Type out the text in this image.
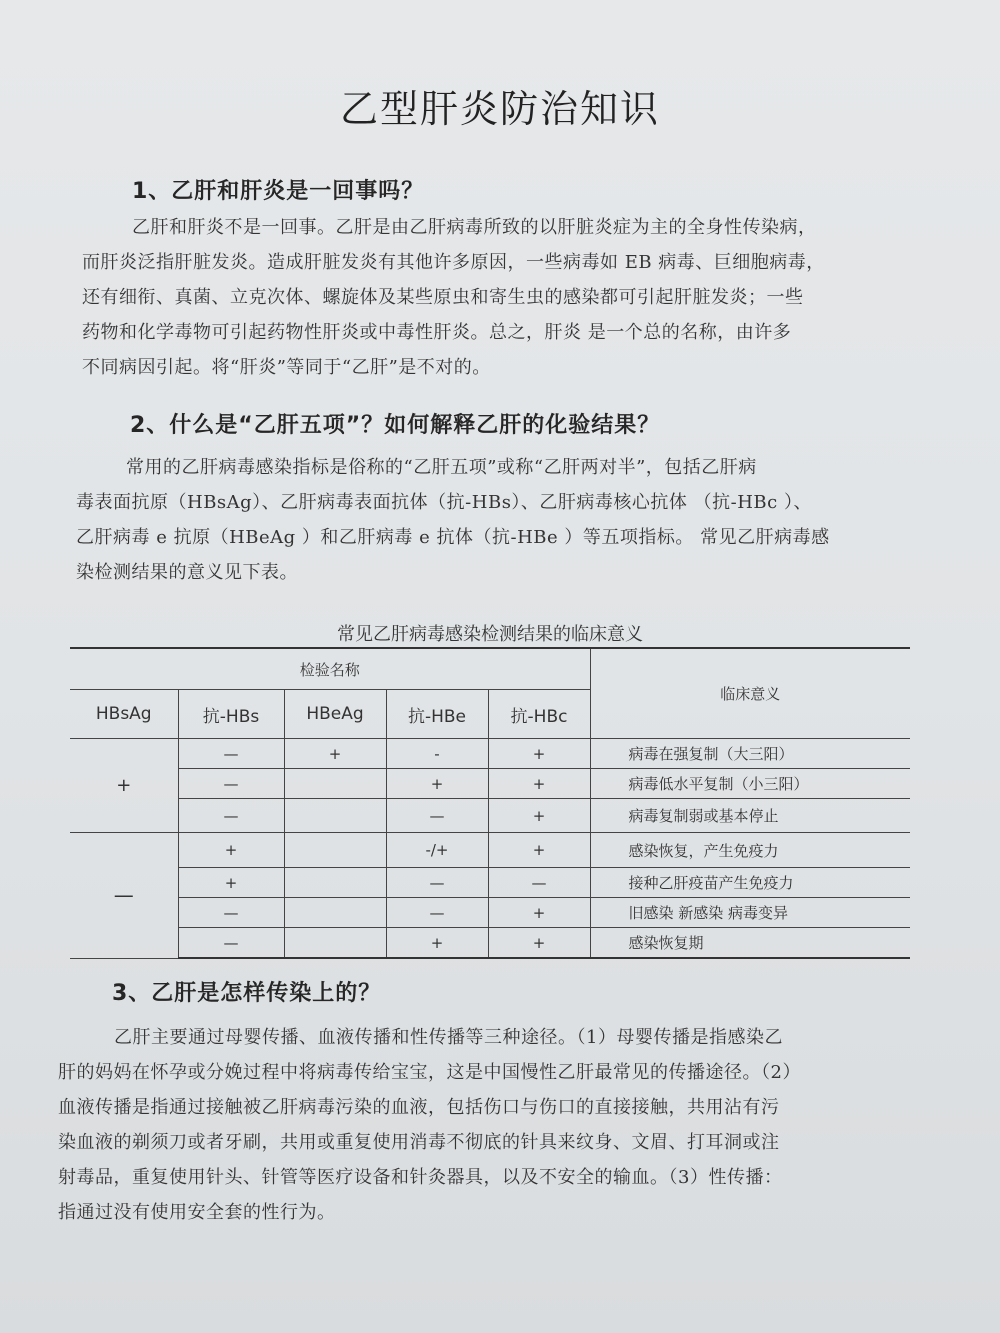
乙型肝炎防治知识
1、乙肝和肝炎是一回事吗？
乙肝和肝炎不是一回事。乙肝是由乙肝病毒所致的以肝脏炎症为主的全身性传染病，
而肝炎泛指肝脏发炎。造成肝脏发炎有其他许多原因，一些病毒如 EB 病毒、巨细胞病毒，
还有细衔、真菌、立克次体、螺旋体及某些原虫和寄生虫的感染都可引起肝脏发炎；一些
药物和化学毒物可引起药物性肝炎或中毒性肝炎。总之，肝炎 是一个总的名称，由许多
不同病因引起。将“肝炎”等同于“乙肝”是不对的。
2、什么是“乙肝五项”？如何解释乙肝的化验结果？
常用的乙肝病毒感染指标是俗称的“乙肝五项”或称“乙肝两对半”，包括乙肝病
毒表面抗原（HBsAg）、乙肝病毒表面抗体（抗-HBs）、乙肝病毒核心抗体 （抗-HBc ）、
乙肝病毒 e 抗原（HBeAg ）和乙肝病毒 e 抗体（抗-HBe ）等五项指标。 常见乙肝病毒感
染检测结果的意义见下表。
常见乙肝病毒感染检测结果的临床意义
检验名称					临床意义
HBsAg	抗-HBs	HBeAg	抗-HBe	抗-HBc	
+	—	+	-	+	病毒在强复制（大三阳）
	—		+	+	病毒低水平复制（小三阳）
	—		—	+	病毒复制弱或基本停止
—	+		-/+	+	感染恢复，产生免疫力
	+		—	—	接种乙肝疫苗产生免疫力
	—		—	+	旧感染 新感染 病毒变异
	—		+	+	感染恢复期
3、乙肝是怎样传染上的？
乙肝主要通过母婴传播、血液传播和性传播等三种途径。（1）母婴传播是指感染乙
肝的妈妈在怀孕或分娩过程中将病毒传给宝宝，这是中国慢性乙肝最常见的传播途径。（2）
血液传播是指通过接触被乙肝病毒污染的血液，包括伤口与伤口的直接接触，共用沾有污
染血液的剃须刀或者牙刷，共用或重复使用消毒不彻底的针具来纹身、文眉、打耳洞或注
射毒品，重复使用针头、针管等医疗设备和针灸器具，以及不安全的输血。（3）性传播：
指通过没有使用安全套的性行为。
